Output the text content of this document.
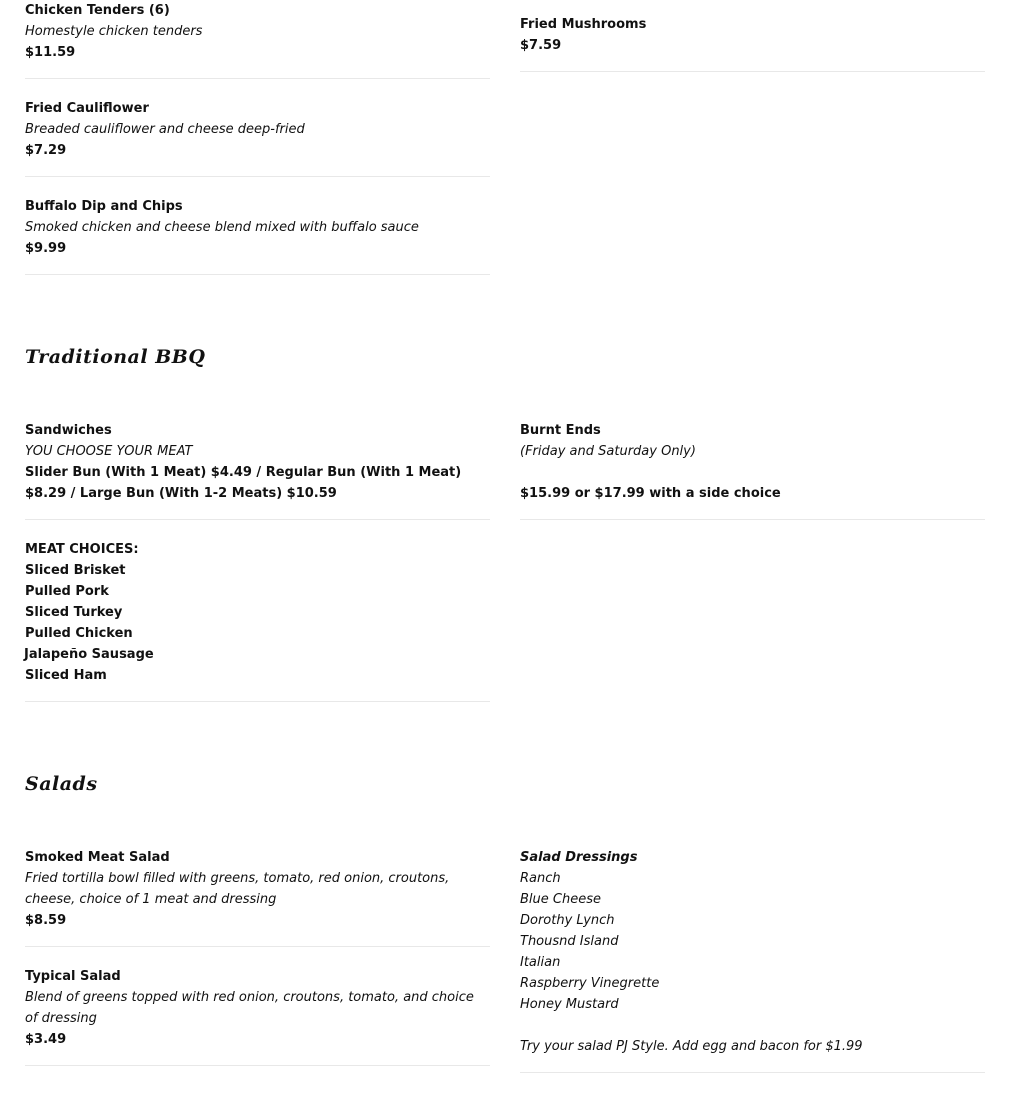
Chicken Tenders (6)
Homestyle chicken tenders
$11.59
Fried Cauliflower
Breaded cauliflower and cheese deep-fried
$7.29
Buffalo Dip and Chips
Smoked chicken and cheese blend mixed with buffalo sauce
$9.99
Fried Mushrooms
$7.59
Traditional BBQ
Sandwiches
YOU CHOOSE YOUR MEAT
Slider Bun (With 1 Meat) $4.49 / Regular Bun (With 1 Meat) $8.29 / Large Bun (With 1-2 Meats) $10.59
MEAT CHOICES:
Sliced Brisket
Pulled Pork
Sliced Turkey
Pulled Chicken
Jalapeño Sausage
Sliced Ham
Burnt Ends
(Friday and Saturday Only)
$15.99 or $17.99 with a side choice
Salads
Smoked Meat Salad
Fried tortilla bowl filled with greens, tomato, red onion, croutons, cheese, choice of 1 meat and dressing
$8.59
Typical Salad
Blend of greens topped with red onion, croutons, tomato, and choice of dressing
$3.49
Salad Dressings
Ranch
Blue Cheese
Dorothy Lynch
Thousnd Island
Italian
Raspberry Vinegrette
Honey Mustard
Try your salad PJ Style. Add egg and bacon for $1.99
